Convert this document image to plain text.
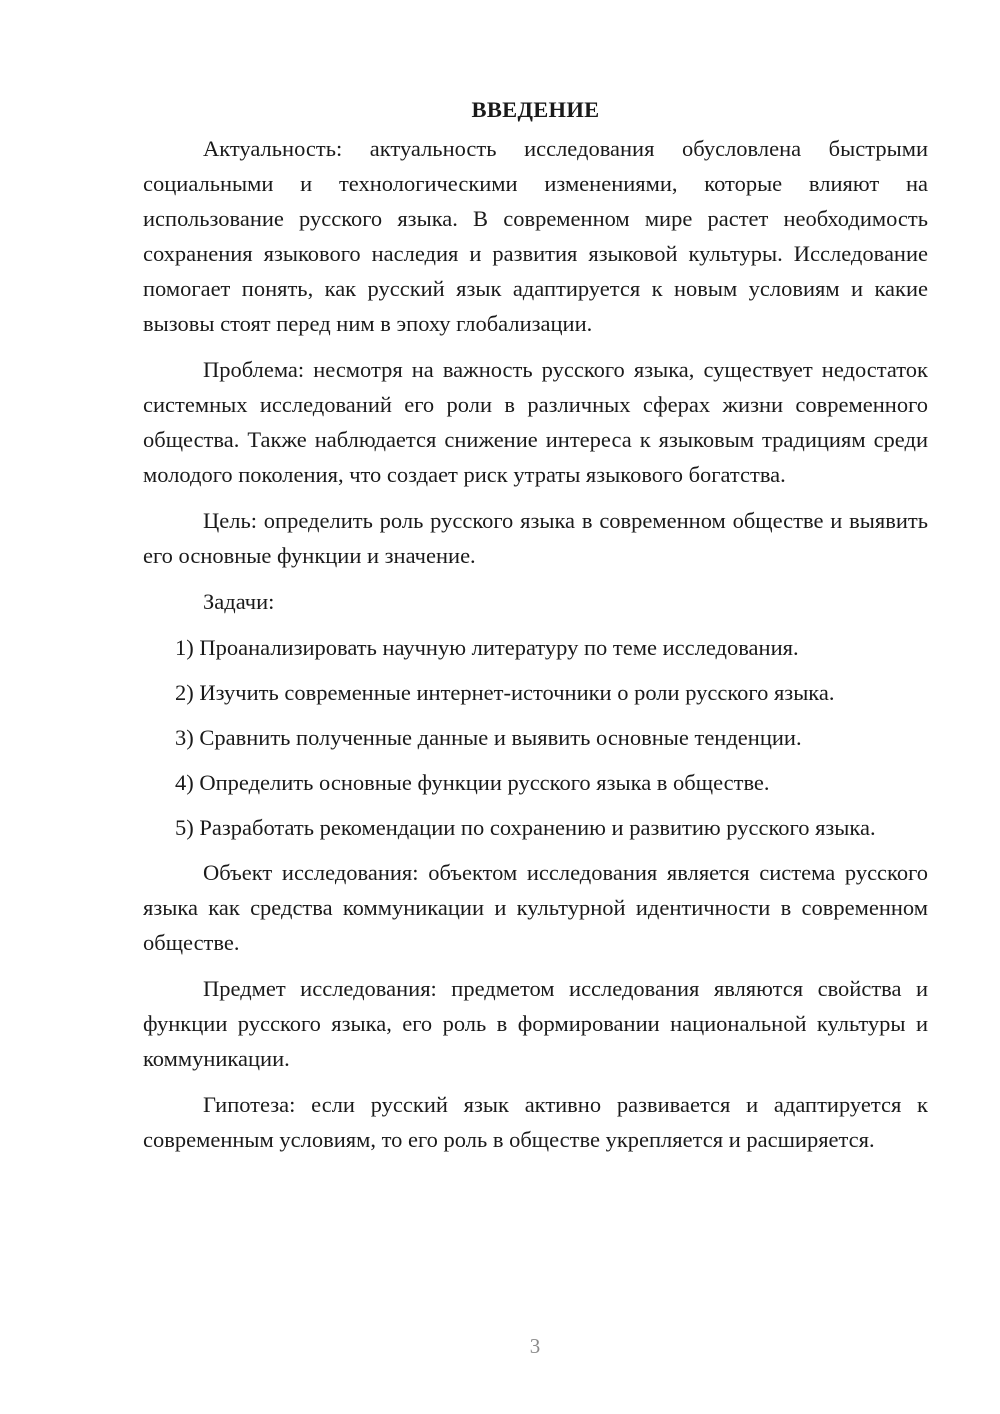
ВВЕДЕНИЕ

Актуальность: актуальность исследования обусловлена быстрыми социальными и технологическими изменениями, которые влияют на использование русского языка. В современном мире растет необходимость сохранения языкового наследия и развития языковой культуры. Исследование помогает понять, как русский язык адаптируется к новым условиям и какие вызовы стоят перед ним в эпоху глобализации.

Проблема: несмотря на важность русского языка, существует недостаток системных исследований его роли в различных сферах жизни современного общества. Также наблюдается снижение интереса к языковым традициям среди молодого поколения, что создает риск утраты языкового богатства.

Цель: определить роль русского языка в современном обществе и выявить его основные функции и значение.

Задачи:

1) Проанализировать научную литературу по теме исследования.
2) Изучить современные интернет-источники о роли русского языка.
3) Сравнить полученные данные и выявить основные тенденции.
4) Определить основные функции русского языка в обществе.
5) Разработать рекомендации по сохранению и развитию русского языка.

Объект исследования: объектом исследования является система русского языка как средства коммуникации и культурной идентичности в современном обществе.

Предмет исследования: предметом исследования являются свойства и функции русского языка, его роль в формировании национальной культуры и коммуникации.

Гипотеза: если русский язык активно развивается и адаптируется к современным условиям, то его роль в обществе укрепляется и расширяется.

3
